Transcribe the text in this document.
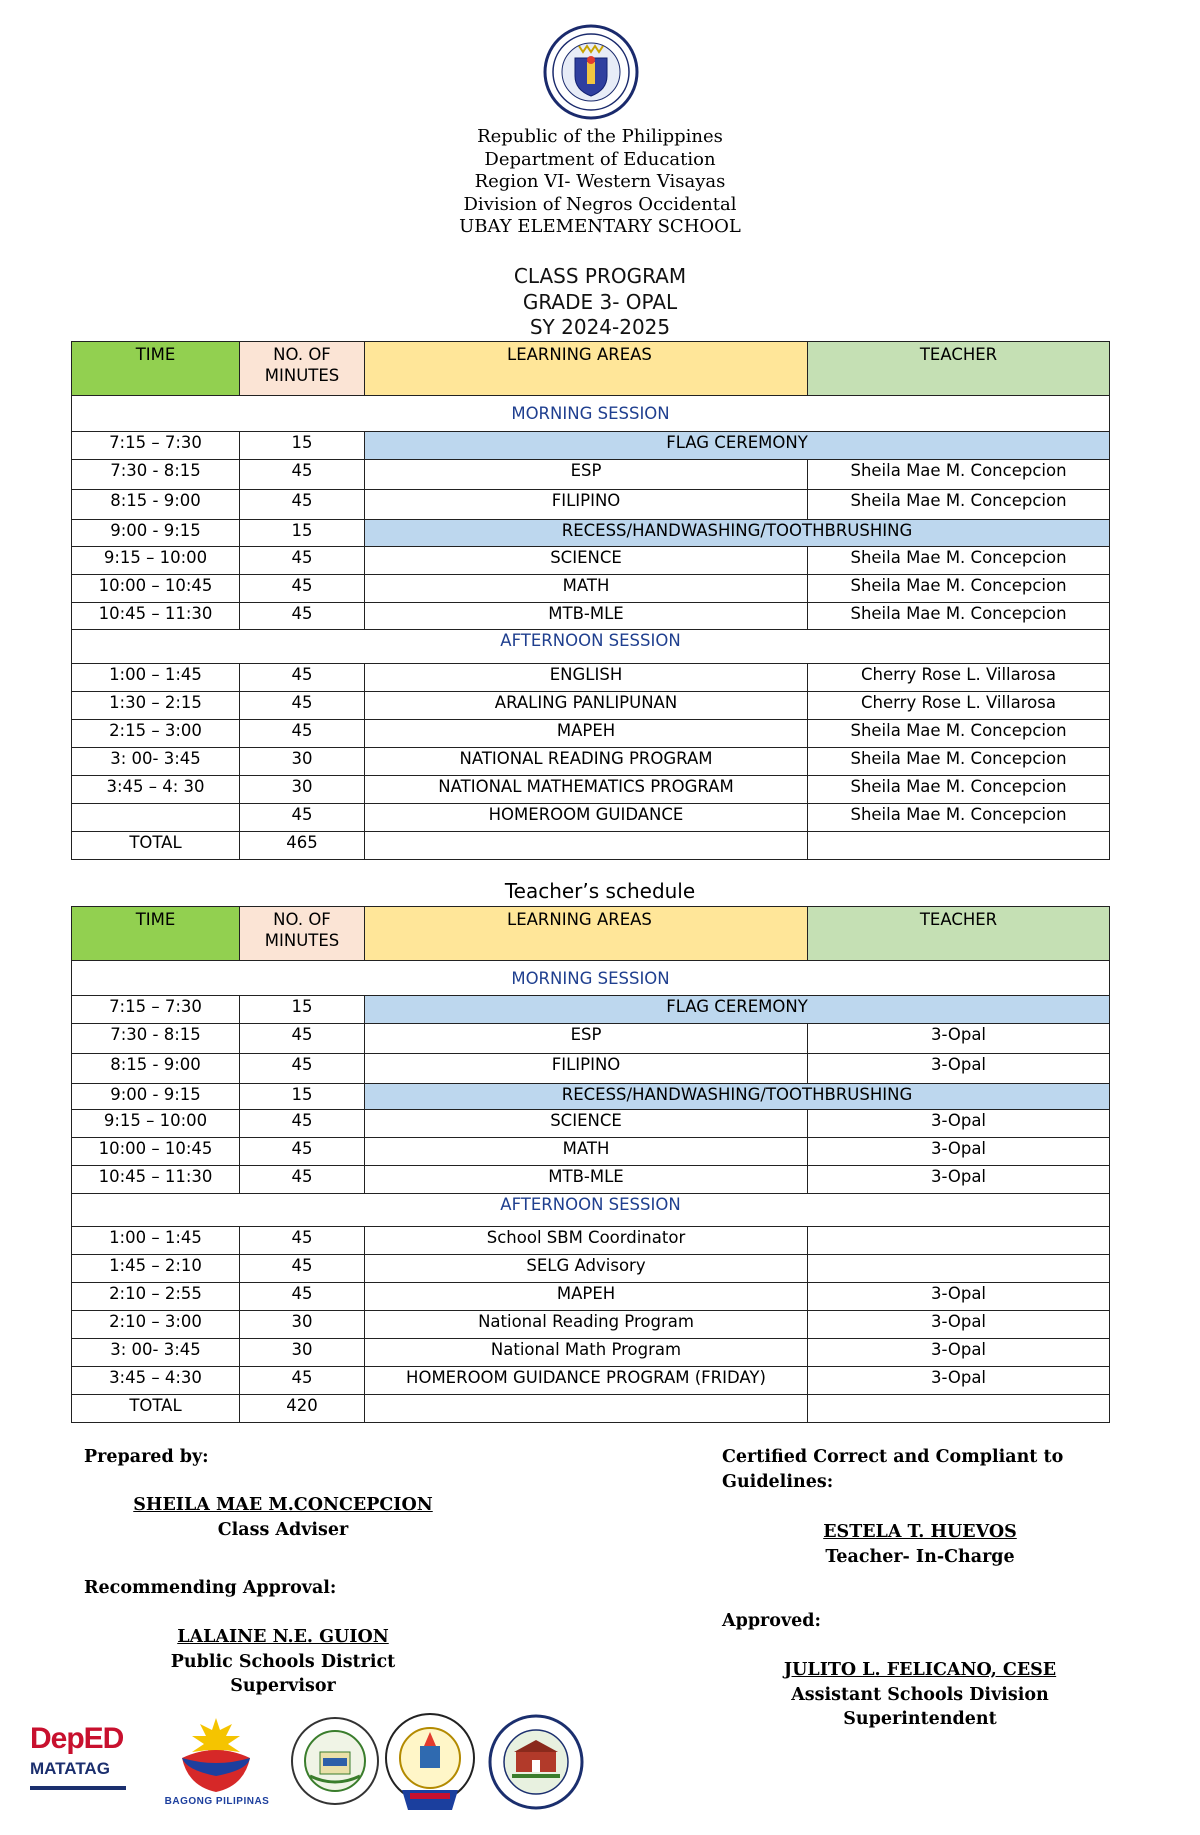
Republic of the Philippines
Department of Education
Region VI- Western Visayas
Division of Negros Occidental
UBAY ELEMENTARY SCHOOL
CLASS PROGRAM
GRADE 3- OPAL
SY 2024-2025
TIME	NO. OF MINUTES	LEARNING AREAS	TEACHER
MORNING SESSION			
7:15 – 7:30	15	FLAG CEREMONY	
7:30 - 8:15	45	ESP	Sheila Mae M. Concepcion
8:15 - 9:00	45	FILIPINO	Sheila Mae M. Concepcion
9:00 - 9:15	15	RECESS/HANDWASHING/TOOTHBRUSHING	
9:15 – 10:00	45	SCIENCE	Sheila Mae M. Concepcion
10:00 – 10:45	45	MATH	Sheila Mae M. Concepcion
10:45 – 11:30	45	MTB-MLE	Sheila Mae M. Concepcion
AFTERNOON SESSION			
1:00 – 1:45	45	ENGLISH	Cherry Rose L. Villarosa
1:30 – 2:15	45	ARALING PANLIPUNAN	Cherry Rose L. Villarosa
2:15 – 3:00	45	MAPEH	Sheila Mae M. Concepcion
3: 00- 3:45	30	NATIONAL READING PROGRAM	Sheila Mae M. Concepcion
3:45 – 4: 30	30	NATIONAL MATHEMATICS PROGRAM	Sheila Mae M. Concepcion
	45	HOMEROOM GUIDANCE	Sheila Mae M. Concepcion
TOTAL	465		
Teacher’s schedule
TIME	NO. OF MINUTES	LEARNING AREAS	TEACHER
MORNING SESSION			
7:15 – 7:30	15	FLAG CEREMONY	
7:30 - 8:15	45	ESP	3-Opal
8:15 - 9:00	45	FILIPINO	3-Opal
9:00 - 9:15	15	RECESS/HANDWASHING/TOOTHBRUSHING	
9:15 – 10:00	45	SCIENCE	3-Opal
10:00 – 10:45	45	MATH	3-Opal
10:45 – 11:30	45	MTB-MLE	3-Opal
AFTERNOON SESSION			
1:00 – 1:45	45	School SBM Coordinator	
1:45 – 2:10	45	SELG Advisory	
2:10 – 2:55	45	MAPEH	3-Opal
2:10 – 3:00	30	National Reading Program	3-Opal
3: 00- 3:45	30	National Math Program	3-Opal
3:45 – 4:30	45	HOMEROOM GUIDANCE PROGRAM (FRIDAY)	3-Opal
TOTAL	420		
Prepared by:
SHEILA MAE M.CONCEPCION
Class Adviser
Recommending Approval:
LALAINE N.E. GUION
Public Schools District
Supervisor
Certified Correct and Compliant to
Guidelines:
ESTELA T. HUEVOS
Teacher- In-Charge
Approved:
JULITO L. FELICANO, CESE
Assistant Schools Division Superintendent
DepED
MATATAG
BAGONG PILIPINAS
